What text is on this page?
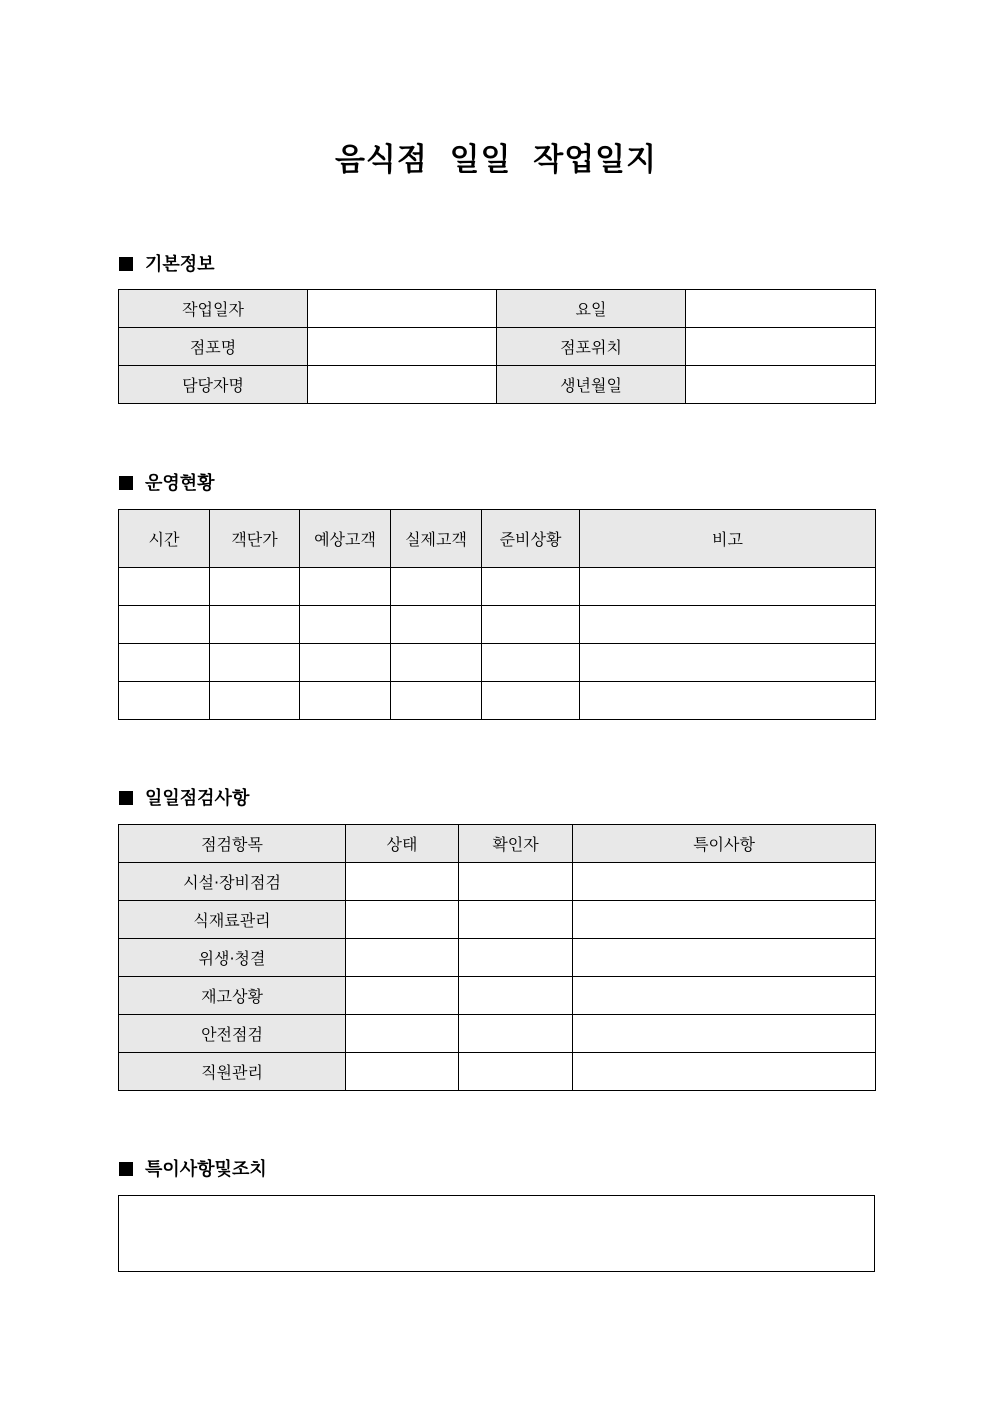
음식점 일일 작업일지
기본정보
작업일자		요일	
점포명		점포위치	
담당자명		생년월일	
운영현황
시간	객단가	예상고객	실제고객	준비상황	비고

일일점검사항
점검항목	상태	확인자	특이사항
시설·장비점검			
식재료관리			
위생·청결			
재고상황			
안전점검			
직원관리			
특이사항및조치
